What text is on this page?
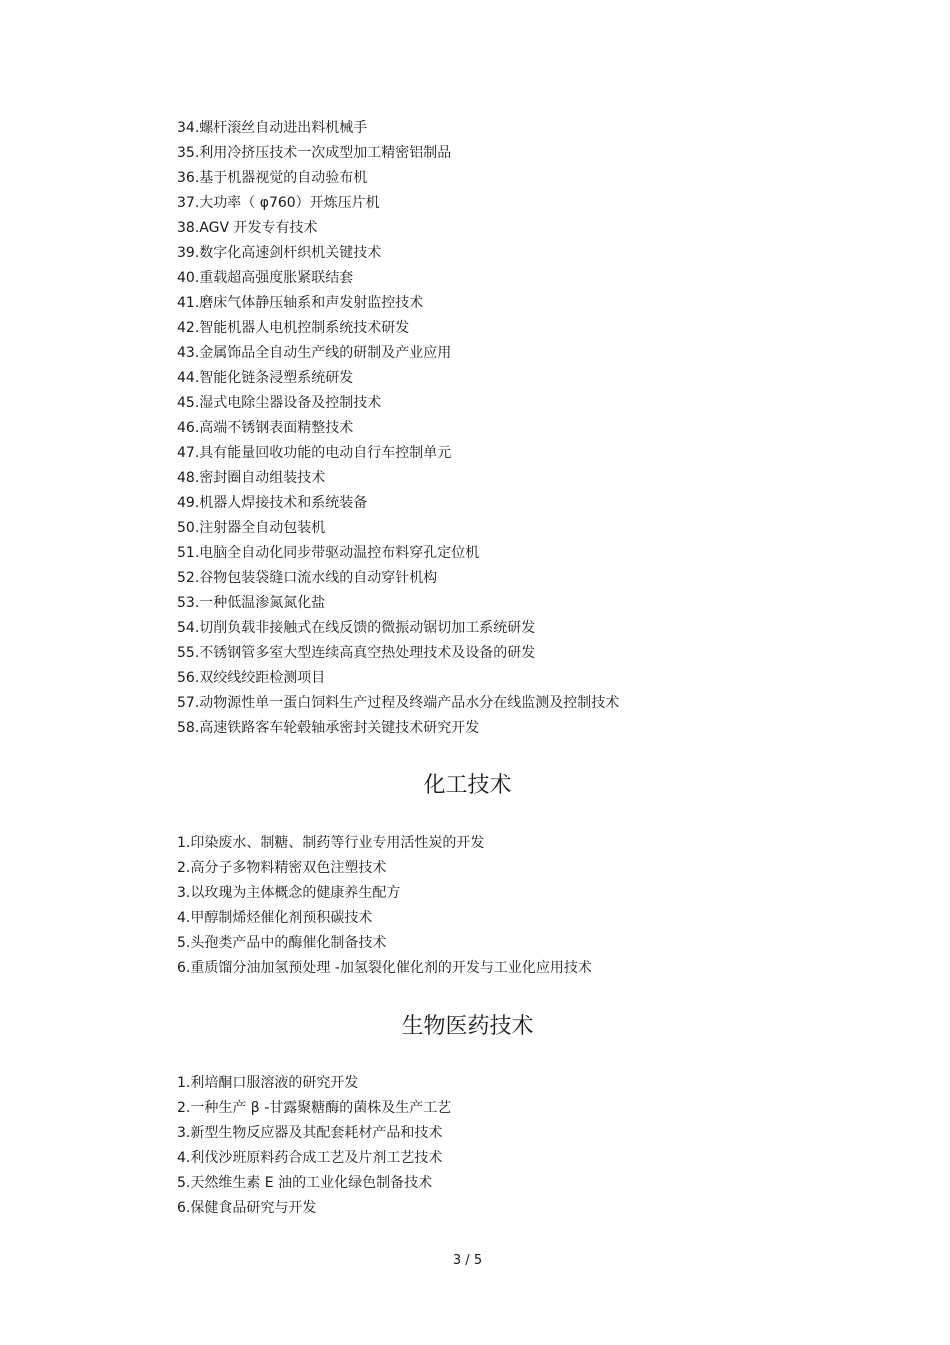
34.螺杆滚丝自动进出料机械手
35.利用冷挤压技术一次成型加工精密铝制品
36.基于机器视觉的自动验布机
37.大功率（ φ760）开炼压片机
38.AGV 开发专有技术
39.数字化高速剑杆织机关键技术
40.重载超高强度胀紧联结套
41.磨床气体静压轴系和声发射监控技术
42.智能机器人电机控制系统技术研发
43.金属饰品全自动生产线的研制及产业应用
44.智能化链条浸塑系统研发
45.湿式电除尘器设备及控制技术
46.高端不锈钢表面精整技术
47.具有能量回收功能的电动自行车控制单元
48.密封圈自动组装技术
49.机器人焊接技术和系统装备
50.注射器全自动包装机
51.电脑全自动化同步带驱动温控布料穿孔定位机
52.谷物包装袋缝口流水线的自动穿针机构
53.一种低温渗氮氮化盐
54.切削负载非接触式在线反馈的微振动锯切加工系统研发
55.不锈钢管多室大型连续高真空热处理技术及设备的研发
56.双绞线绞距检测项目
57.动物源性单一蛋白饲料生产过程及终端产品水分在线监测及控制技术
58.高速铁路客车轮毂轴承密封关键技术研究开发
化工技术
1.印染废水、制糖、制药等行业专用活性炭的开发
2.高分子多物料精密双色注塑技术
3.以玫瑰为主体概念的健康养生配方
4.甲醇制烯烃催化剂预积碳技术
5.头孢类产品中的酶催化制备技术
6.重质馏分油加氢预处理 -加氢裂化催化剂的开发与工业化应用技术
生物医药技术
1.利培酮口服溶液的研究开发
2.一种生产 β -甘露聚糖酶的菌株及生产工艺
3.新型生物反应器及其配套耗材产品和技术
4.利伐沙班原料药合成工艺及片剂工艺技术
5.天然维生素 E 油的工业化绿色制备技术
6.保健食品研究与开发
3 / 5
